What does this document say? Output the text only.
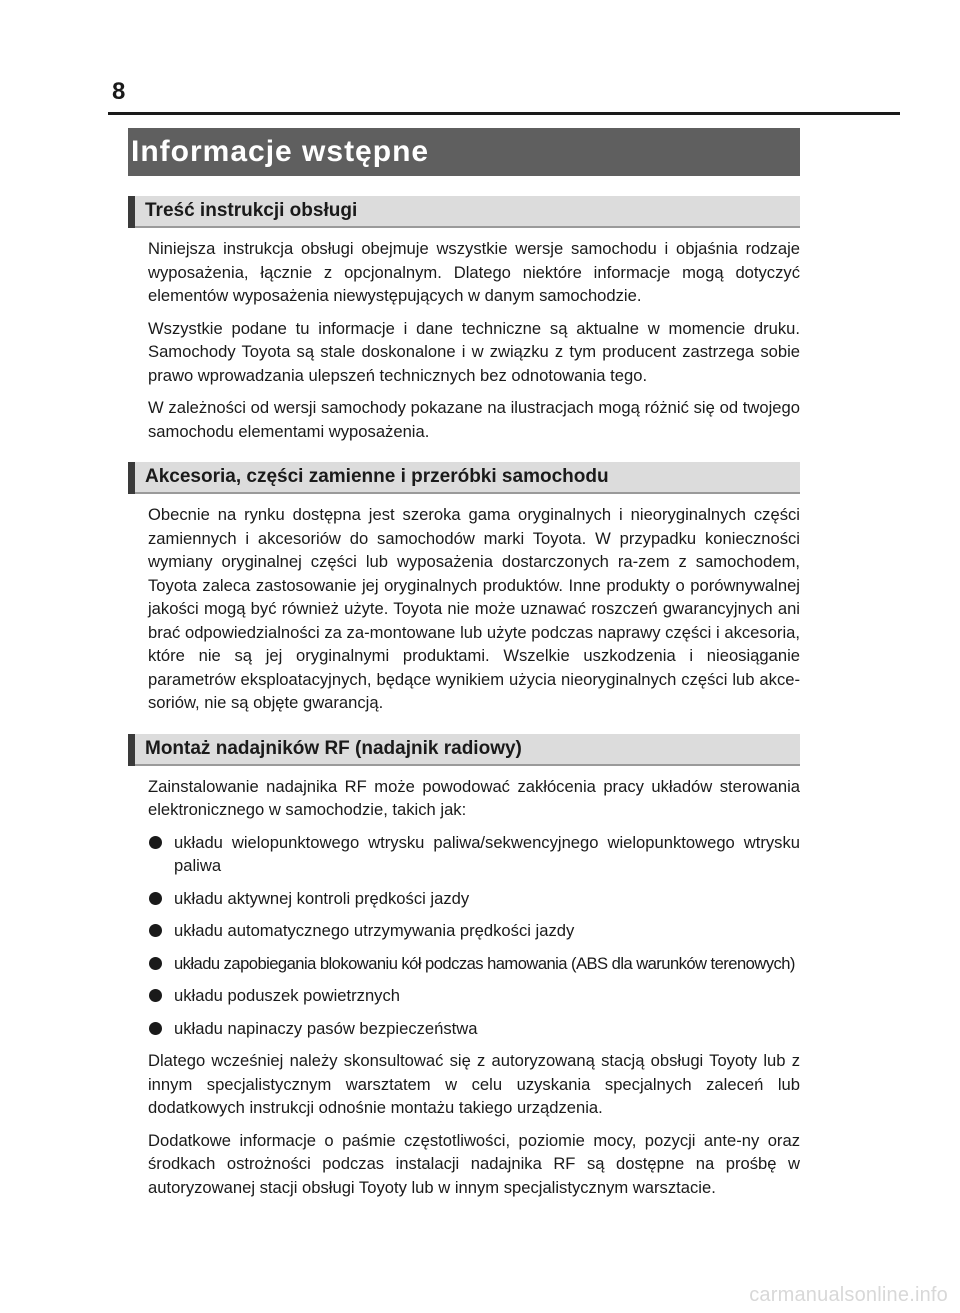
8
Informacje wstępne
Treść instrukcji obsługi

Niniejsza instrukcja obsługi obejmuje wszystkie wersje samochodu i objaśnia rodzaje wyposażenia, łącznie z opcjonalnym. Dlatego niektóre informacje mogą dotyczyć elementów wyposażenia niewystępujących w danym samochodzie.

Wszystkie podane tu informacje i dane techniczne są aktualne w momencie druku. Samochody Toyota są stale doskonalone i w związku z tym producent zastrzega sobie prawo wprowadzania ulepszeń technicznych bez odnotowania tego.

W zależności od wersji samochody pokazane na ilustracjach mogą różnić się od twojego samochodu elementami wyposażenia.

Akcesoria, części zamienne i przeróbki samochodu

Obecnie na rynku dostępna jest szeroka gama oryginalnych i nieoryginalnych części zamiennych i akcesoriów do samochodów marki Toyota. W przypadku konieczności wymiany oryginalnej części lub wyposażenia dostarczonych ra-zem z samochodem, Toyota zaleca zastosowanie jej oryginalnych produktów. Inne produkty o porównywalnej jakości mogą być również użyte. Toyota nie może uznawać roszczeń gwarancyjnych ani brać odpowiedzialności za za-montowane lub użyte podczas naprawy części i akcesoria, które nie są jej oryginalnymi produktami. Wszelkie uszkodzenia i nieosiąganie parametrów eksploatacyjnych, będące wynikiem użycia nieoryginalnych części lub akce-soriów, nie są objęte gwarancją.

Montaż nadajników RF (nadajnik radiowy)

Zainstalowanie nadajnika RF może powodować zakłócenia pracy układów sterowania elektronicznego w samochodzie, takich jak:

układu wielopunktowego wtrysku paliwa/sekwencyjnego wielopunktowego wtrysku paliwa
układu aktywnej kontroli prędkości jazdy
układu automatycznego utrzymywania prędkości jazdy
układu zapobiegania blokowaniu kół podczas hamowania (ABS dla warunków terenowych)
układu poduszek powietrznych
układu napinaczy pasów bezpieczeństwa

Dlatego wcześniej należy skonsultować się z autoryzowaną stacją obsługi Toyoty lub z innym specjalistycznym warsztatem w celu uzyskania specjalnych zaleceń lub dodatkowych instrukcji odnośnie montażu takiego urządzenia.

Dodatkowe informacje o paśmie częstotliwości, poziomie mocy, pozycji ante-ny oraz środkach ostrożności podczas instalacji nadajnika RF są dostępne na prośbę w autoryzowanej stacji obsługi Toyoty lub w innym specjalistycznym warsztacie.

carmanualsonline.info
